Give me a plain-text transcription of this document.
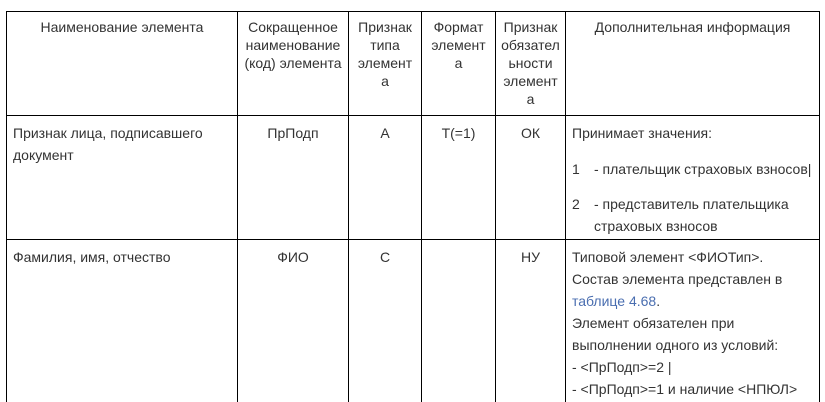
Наименование элемента	Сокращенное наименование (код) элемента	Признак типа элемент а	Формат элемент а	Признак обязател ьности элемент а	Дополнительная информация
Признак лица, подписавшего документ	ПрПодп	А	Т(=1)	ОК	Принимает значения:

1 - плательщик страховых взносов|
2 - представитель плательщика страховых взносов

Фамилия, имя, отчество	ФИО	С		НУ	Типовой элемент <ФИОТип>.

Состав элемента представлен в таблице 4.68.

Элемент обязателен при выполнении одного из условий:

- <ПрПодп>=2 |

- <ПрПодп>=1 и наличие <НПЮЛ>
